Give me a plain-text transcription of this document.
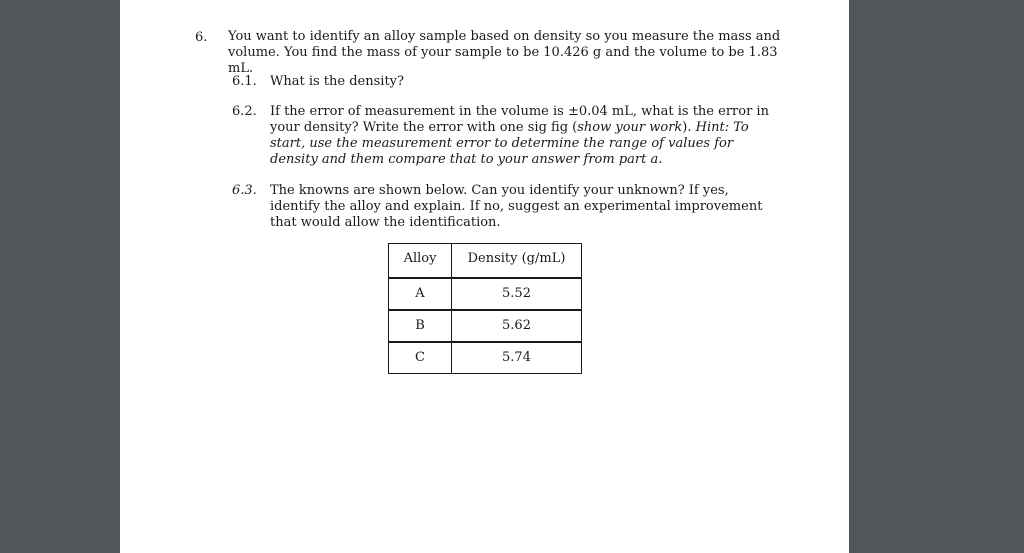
6. You want to identify an alloy sample based on density so you measure the mass and volume. You find the mass of your sample to be 10.426 g and the volume to be 1.83 mL.
6.1. What is the density?
6.2. If the error of measurement in the volume is ±0.04 mL, what is the error in your density? Write the error with one sig fig (show your work). Hint: To start, use the measurement error to determine the range of values for density and them compare that to your answer from part a.
6.3. The knowns are shown below. Can you identify your unknown? If yes, identify the alloy and explain. If no, suggest an experimental improvement that would allow the identification.
Alloy	Density (g/mL)
A	5.52
B	5.62
C	5.74
